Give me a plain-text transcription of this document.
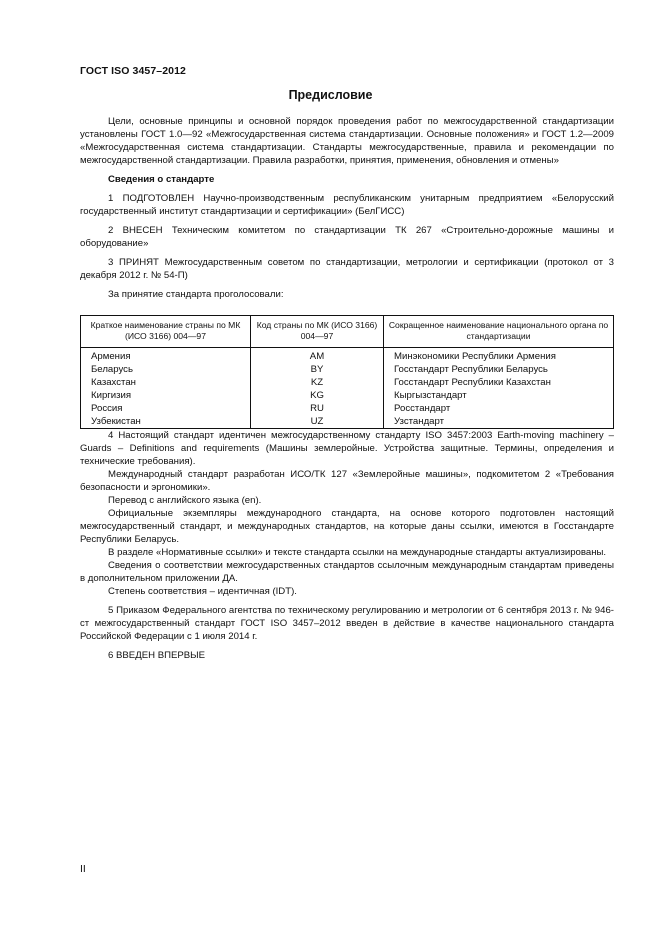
ГОСТ ISO 3457–2012
Предисловие

Цели, основные принципы и основной порядок проведения работ по межгосударственной стандартизации установлены ГОСТ 1.0—92 «Межгосударственная система стандартизации. Основные положения» и ГОСТ 1.2—2009 «Межгосударственная система стандартизации. Стандарты межгосударственные, правила и рекомендации по межгосударственной стандартизации. Правила разработки, принятия, применения, обновления и отмены»

Сведения о стандарте

1 ПОДГОТОВЛЕН Научно-производственным республиканским унитарным предприятием «Белорусский государственный институт стандартизации и сертификации» (БелГИСС)

2 ВНЕСЕН Техническим комитетом по стандартизации ТК 267 «Строительно-дорожные машины и оборудование»

3 ПРИНЯТ Межгосударственным советом по стандартизации, метрологии и сертификации (протокол от 3 декабря 2012 г. № 54-П)

За принятие стандарта проголосовали:

Краткое наименование страны по МК (ИСО 3166) 004—97	Код страны по МК (ИСО 3166) 004—97	Сокращенное наименование национального органа по стандартизации
Армения	AM	Минэкономики Республики Армения
Беларусь	BY	Госстандарт Республики Беларусь
Казахстан	KZ	Госстандарт Республики Казахстан
Киргизия	KG	Кыргызстандарт
Россия	RU	Росстандарт
Узбекистан	UZ	Узстандарт

4 Настоящий стандарт идентичен межгосударственному стандарту ISO 3457:2003 Earth-moving machinery – Guards – Definitions and requirements (Машины землеройные. Устройства защитные. Термины, определения и технические требования).

Международный стандарт разработан ИСО/ТК 127 «Землеройные машины», подкомитетом 2 «Требования безопасности и эргономики».

Перевод с английского языка (en).

Официальные экземпляры международного стандарта, на основе которого подготовлен настоящий межгосударственный стандарт, и международных стандартов, на которые даны ссылки, имеются в Госстандарте Республики Беларусь.

В разделе «Нормативные ссылки» и тексте стандарта ссылки на международные стандарты актуализированы.

Сведения о соответствии межгосударственных стандартов ссылочным международным стандартам приведены в дополнительном приложении ДА.

Степень соответствия – идентичная (IDT).

5 Приказом Федерального агентства по техническому регулированию и метрологии от 6 сентября 2013 г. № 946-ст межгосударственный стандарт ГОСТ ISO 3457–2012 введен в действие в качестве национального стандарта Российской Федерации с 1 июля 2014 г.

6 ВВЕДЕН ВПЕРВЫЕ

II
